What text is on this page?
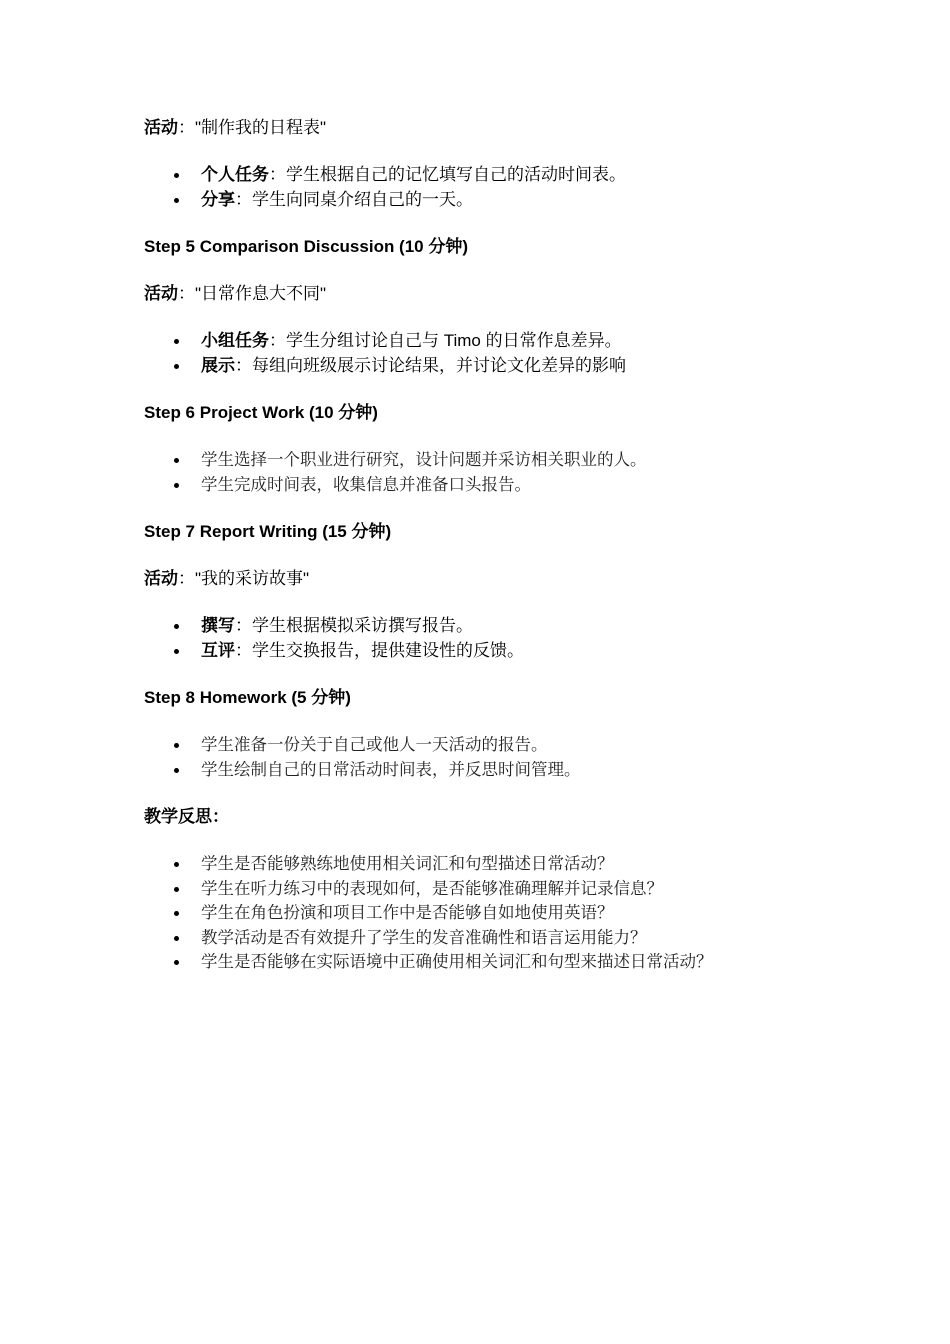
活动："制作我的日程表"

个人任务：学生根据自己的记忆填写自己的活动时间表。
分享：学生向同桌介绍自己的一天。

Step 5 Comparison Discussion (10 分钟)

活动："日常作息大不同"

小组任务：学生分组讨论自己与 Timo 的日常作息差异。
展示：每组向班级展示讨论结果，并讨论文化差异的影响

Step 6 Project Work (10 分钟)

学生选择一个职业进行研究，设计问题并采访相关职业的人。
学生完成时间表，收集信息并准备口头报告。

Step 7 Report Writing (15 分钟)

活动："我的采访故事"

撰写：学生根据模拟采访撰写报告。
互评：学生交换报告，提供建设性的反馈。

Step 8 Homework (5 分钟)

学生准备一份关于自己或他人一天活动的报告。
学生绘制自己的日常活动时间表，并反思时间管理。

教学反思：

学生是否能够熟练地使用相关词汇和句型描述日常活动？
学生在听力练习中的表现如何，是否能够准确理解并记录信息？
学生在角色扮演和项目工作中是否能够自如地使用英语？
教学活动是否有效提升了学生的发音准确性和语言运用能力？
学生是否能够在实际语境中正确使用相关词汇和句型来描述日常活动？
